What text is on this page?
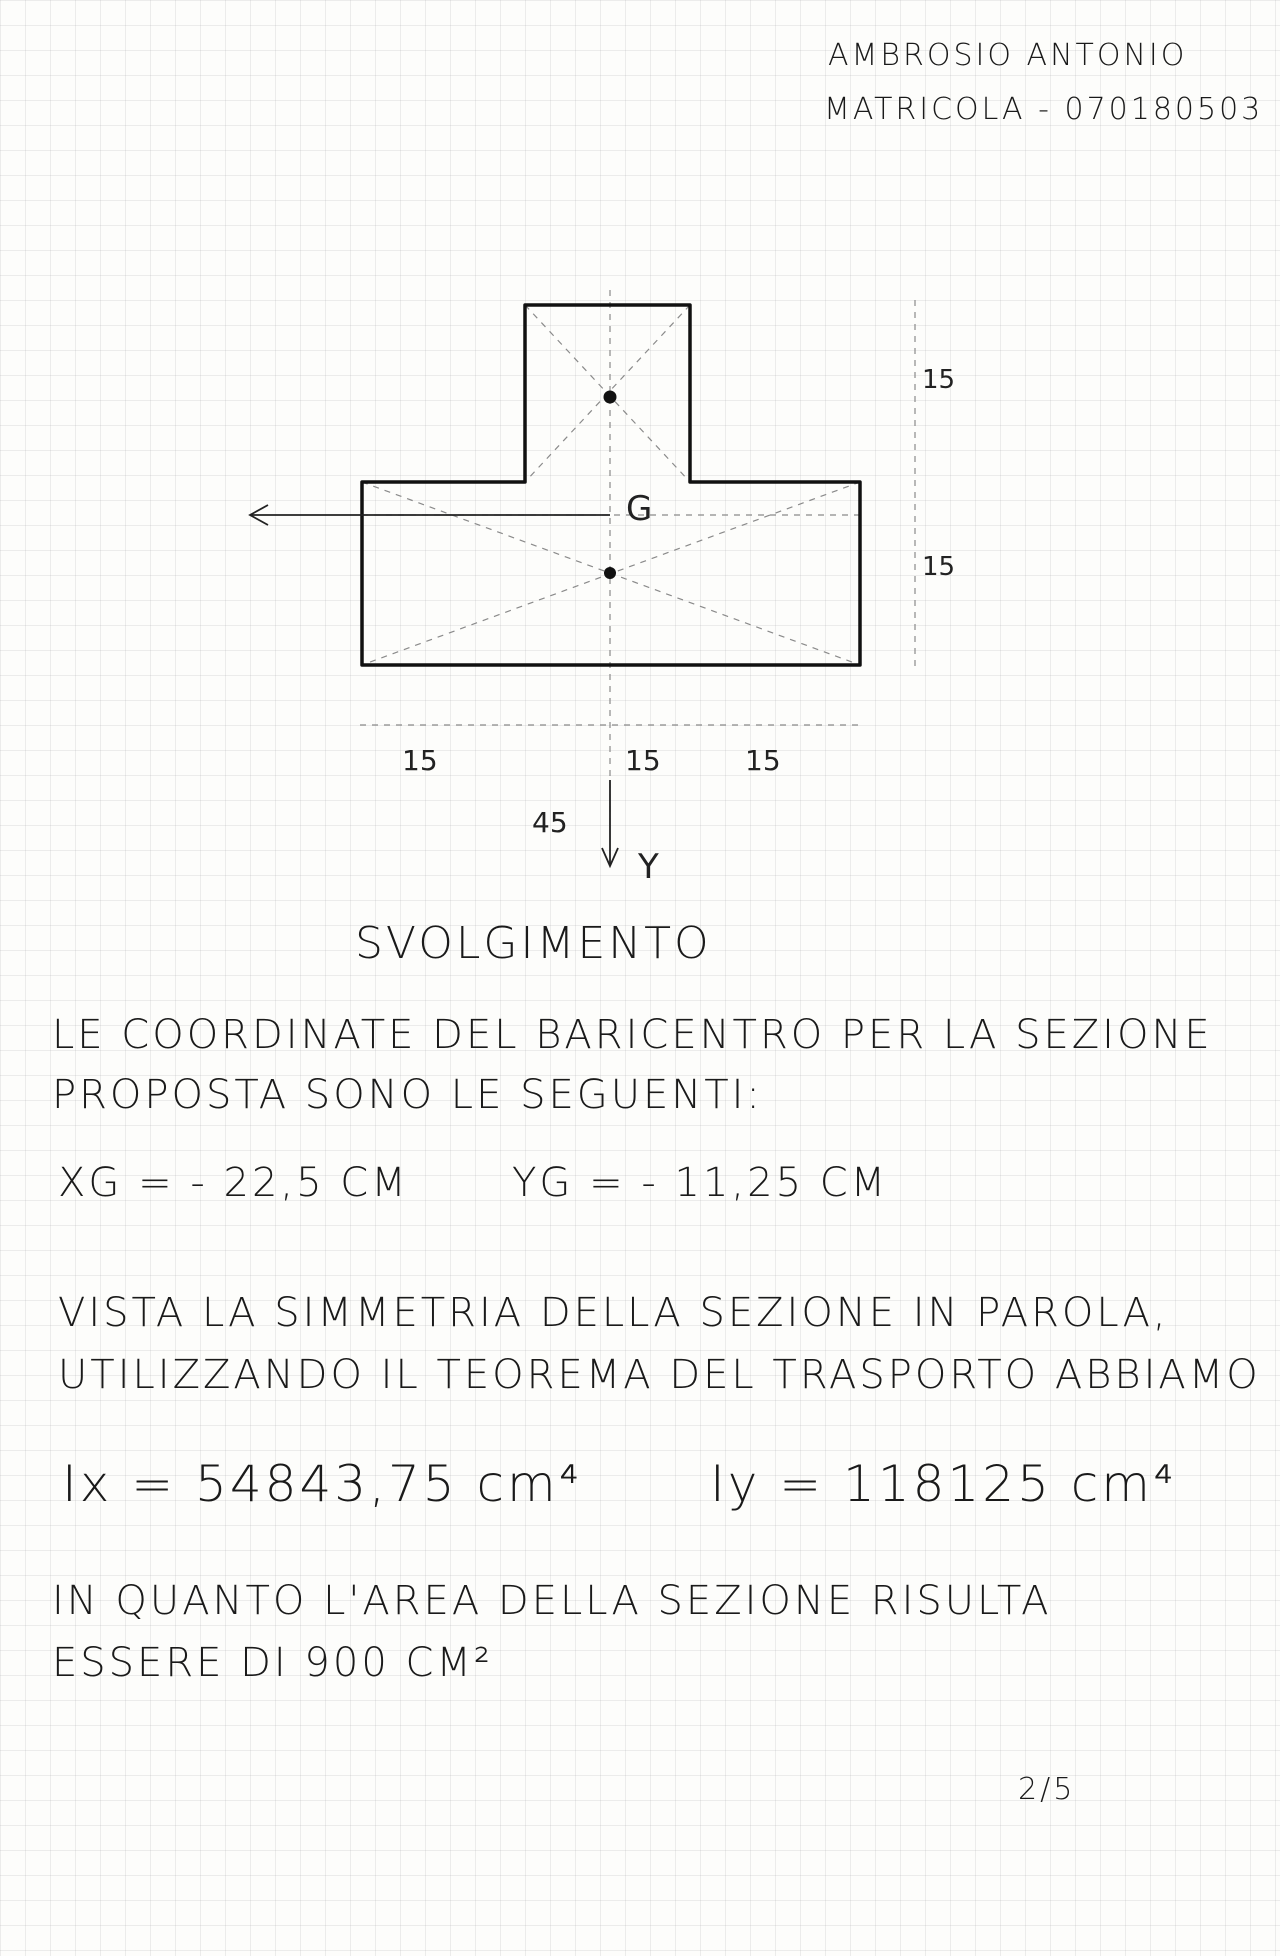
AMBROSIO ANTONIO
MATRICOLA - 070180503
G
15
15
15	15	15
45
Y
SVOLGIMENTO
LE COORDINATE DEL BARICENTRO PER LA SEZIONE
PROPOSTA SONO LE SEGUENTI:
XG = - 22,5 CM	YG = - 11,25 CM
VISTA LA SIMMETRIA DELLA SEZIONE IN PAROLA,
UTILIZZANDO IL TEOREMA DEL TRASPORTO ABBIAMO
Ix = 54843,75 cm⁴	Iy = 118125 cm⁴
IN QUANTO L'AREA DELLA SEZIONE RISULTA
ESSERE DI 900 CM²
2/5
